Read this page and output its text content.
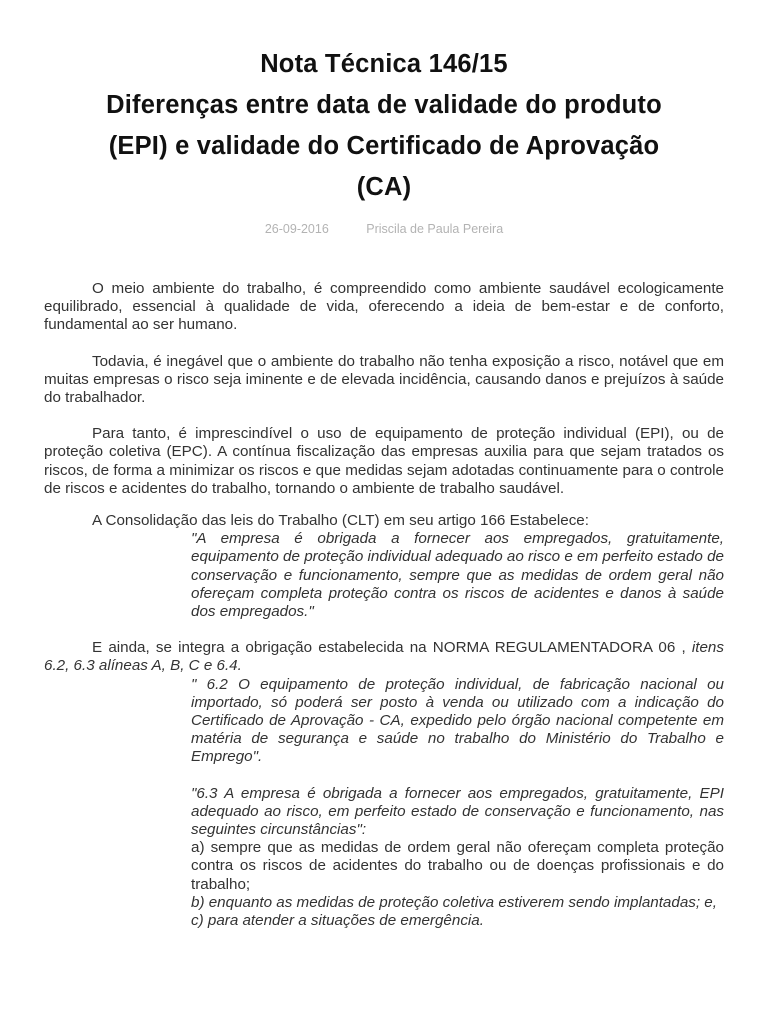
Nota Técnica 146/15
Diferenças entre data de validade do produto
(EPI) e validade do Certificado de Aprovação
(CA)
26-09-2016	Priscila de Paula Pereira

O meio ambiente do trabalho, é compreendido como ambiente saudável ecologicamente equilibrado, essencial à qualidade de vida, oferecendo a ideia de bem-estar e de conforto, fundamental ao ser humano.

Todavia, é inegável que o ambiente do trabalho não tenha exposição a risco, notável que em muitas empresas o risco seja iminente e de elevada incidência, causando danos e prejuízos à saúde do trabalhador.

Para tanto, é imprescindível o uso de equipamento de proteção individual (EPI), ou de proteção coletiva (EPC). A contínua fiscalização das empresas auxilia para que sejam tratados os riscos, de forma a minimizar os riscos e que medidas sejam adotadas continuamente para o controle de riscos e acidentes do trabalho, tornando o ambiente de trabalho saudável.

A Consolidação das leis do Trabalho (CLT) em seu artigo 166 Estabelece:

"A empresa é obrigada a fornecer aos empregados, gratuitamente, equipamento de proteção individual adequado ao risco e em perfeito estado de conservação e funcionamento, sempre que as medidas de ordem geral não ofereçam completa proteção contra os riscos de acidentes e danos à saúde dos empregados."

E ainda, se integra a obrigação estabelecida na NORMA REGULAMENTADORA 06 , itens 6.2, 6.3 alíneas A, B, C e 6.4.

" 6.2 O equipamento de proteção individual, de fabricação nacional ou importado, só poderá ser posto à venda ou utilizado com a indicação do Certificado de Aprovação - CA, expedido pelo órgão nacional competente em matéria de segurança e saúde no trabalho do Ministério do Trabalho e Emprego".

"6.3 A empresa é obrigada a fornecer aos empregados, gratuitamente, EPI adequado ao risco, em perfeito estado de conservação e funcionamento, nas seguintes circunstâncias":

a) sempre que as medidas de ordem geral não ofereçam completa proteção contra os riscos de acidentes do trabalho ou de doenças profissionais e do trabalho;

b) enquanto as medidas de proteção coletiva estiverem sendo implantadas; e,

c) para atender a situações de emergência.
